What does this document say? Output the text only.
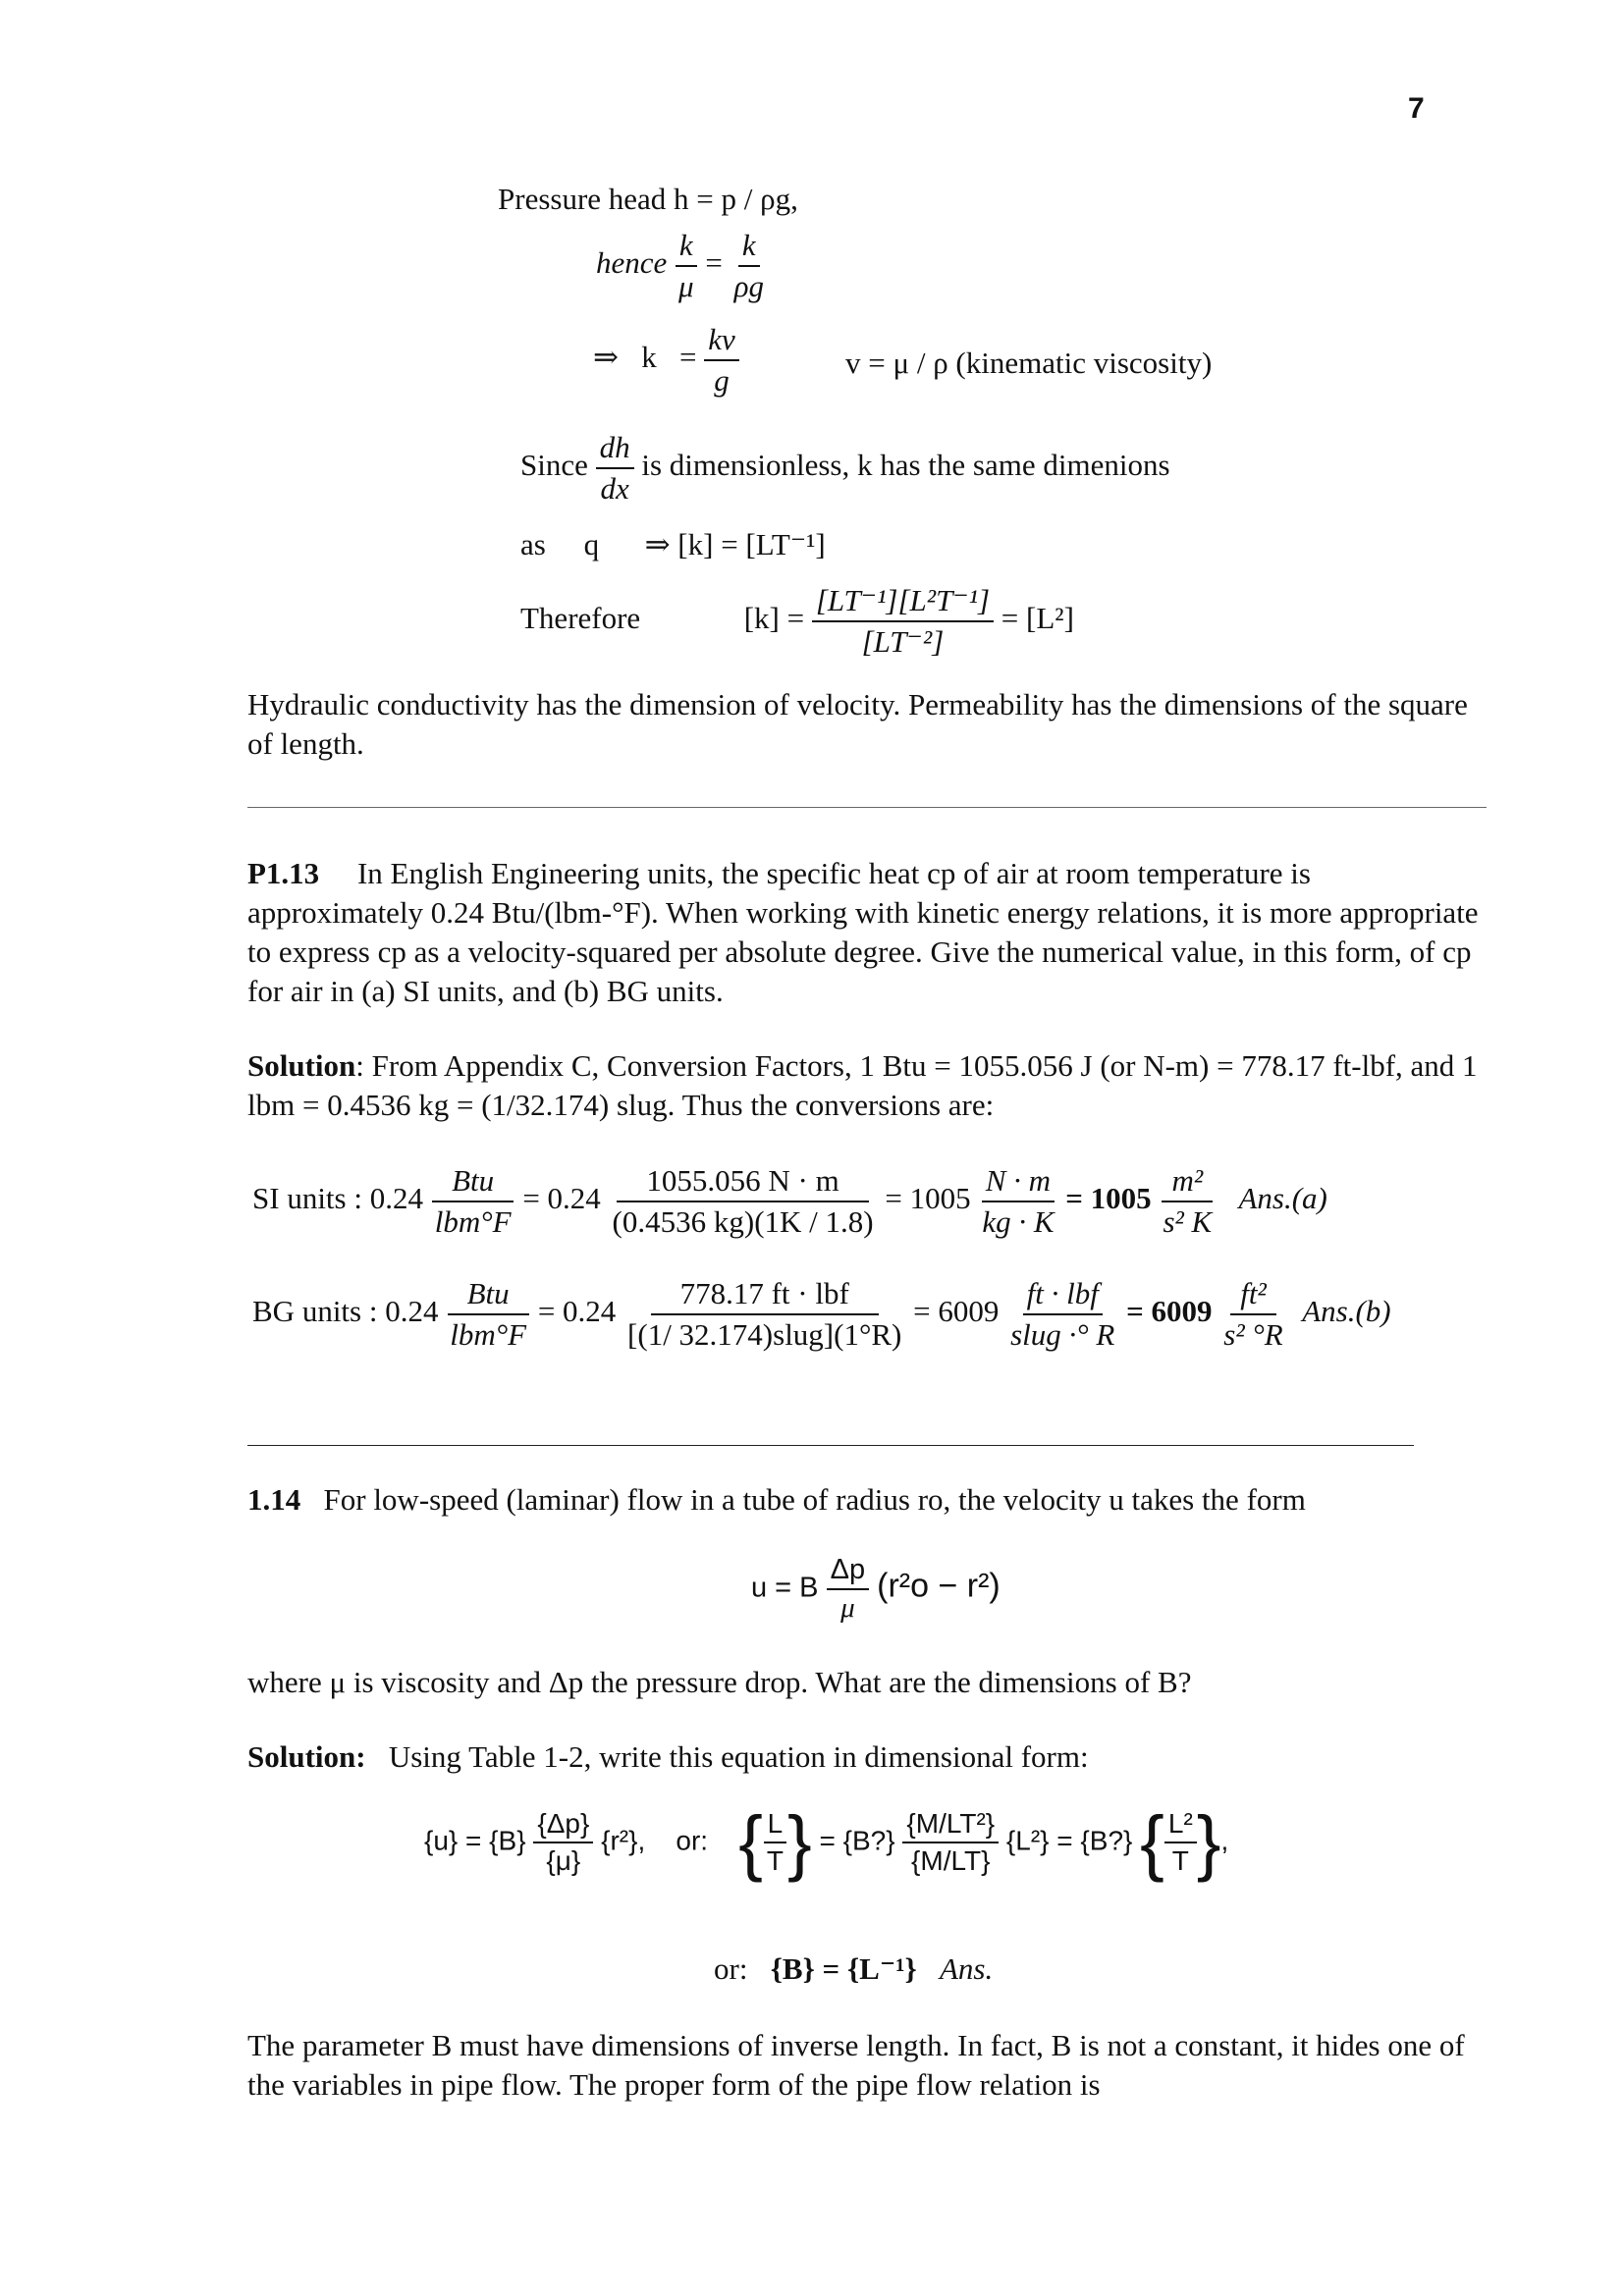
7
Pressure head h = p / ρg,
hence $\frac{k}{\mu} = \frac{k}{\rho g}$
⇒   $k = \frac{kv}{g}$	v = μ / ρ (kinematic viscosity)
Since $\frac{dh}{dx}$ is dimensionless, k has the same dimenions
as     q      ⇒ [k] = [LT⁻¹]
Therefore	$[k] = \frac{\text{[LT⁻¹][L²T⁻¹]}}{\text{[LT⁻²]}} = [L^2]$
Hydraulic conductivity has the dimension of velocity. Permeability has the dimensions of the square of length.
P1.13 In English Engineering units, the specific heat cp of air at room temperature is approximately 0.24 Btu/(lbm-°F). When working with kinetic energy relations, it is more appropriate to express cp as a velocity-squared per absolute degree. Give the numerical value, in this form, of cp for air in (a) SI units, and (b) BG units.
Solution: From Appendix C, Conversion Factors, 1 Btu = 1055.056 J (or N-m) = 778.17 ft-lbf, and 1 lbm = 0.4536 kg = (1/32.174) slug. Thus the conversions are:
SI units : $0.24 \frac{\text{Btu}}{\text{lbm°F}} = 0.24 \frac{1055.056 N \cdot m}{(0.4536 kg)(1K / 1.8)} = 1005 \frac{N \cdot m}{kg \cdot K} = 1005 \frac{\text{m²}}{\text{s² K}} Ans.(a)$
BG units : $0.24 \frac{\text{Btu}}{\text{lbm°F}} = 0.24 \frac{\text{778.17 ft · lbf}}{\text{[(1/ 32.174)slug](1°R)}} = 6009 \frac{\text{ft · lbf}}{\text{slug ·° R}} = 6009 \frac{\text{ft²}}{\text{s² °R}} Ans.(b)$
1.14 For low-speed (laminar) flow in a tube of radius ro, the velocity u takes the form
u = B $\frac{\Delta p}{\mu} (r^2o - r^2)$
where μ is viscosity and Δp the pressure drop. What are the dimensions of B?
Solution: Using Table 1-2, write this equation in dimensional form:
$\{u\} = \{B\} \frac{\{\Delta p\}}{\{\mu\}} \{r^2\}$,    or: { $\frac{L}{T}$ } = {B?} $\frac{\text{\{M/LT²\}}}{\{M/LT\}} \{L^2\}$ = {B?} { $\frac{\text{L²}}{T}$ },
or: {B} = {L⁻¹} Ans.
The parameter B must have dimensions of inverse length. In fact, B is not a constant, it hides one of the variables in pipe flow. The proper form of the pipe flow relation is
